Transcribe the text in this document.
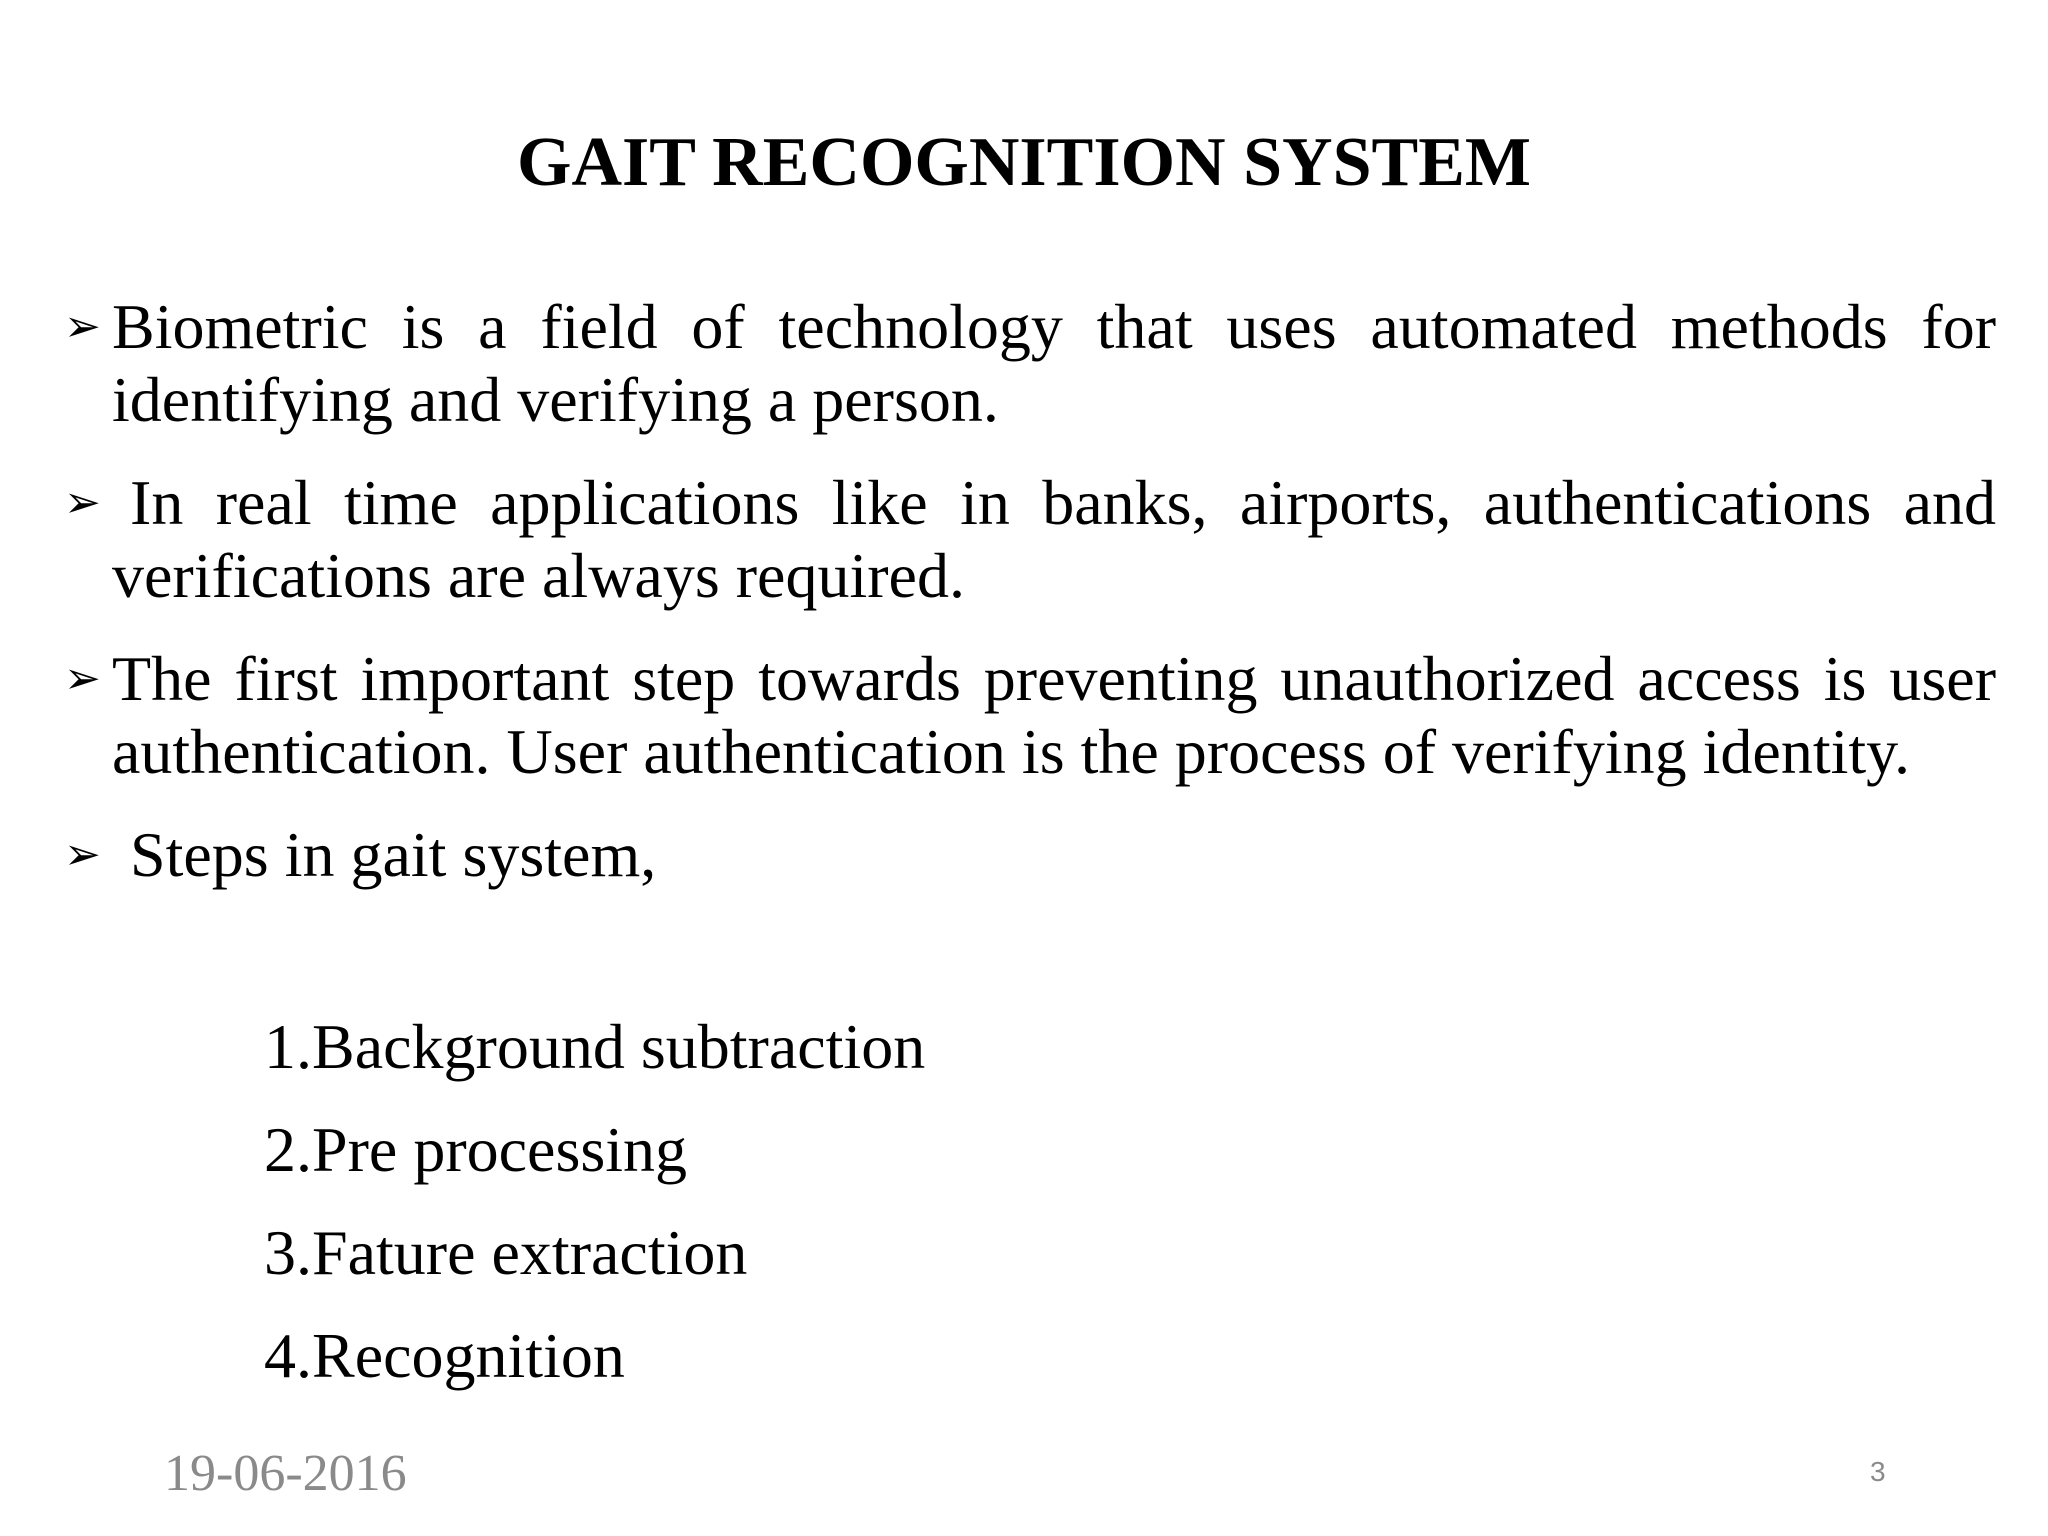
GAIT RECOGNITION SYSTEM
➢ Biometric is a field of technology that uses automated methods for identifying and verifying a person.
➢ In real time applications like in banks, airports, authentications and verifications are always required.
➢ The first important step towards preventing unauthorized access is user authentication. User authentication is the process of verifying identity.
➢ Steps in gait system,
1.Background subtraction
2.Pre processing
3.Fature extraction
4.Recognition
19-06-2016	3
